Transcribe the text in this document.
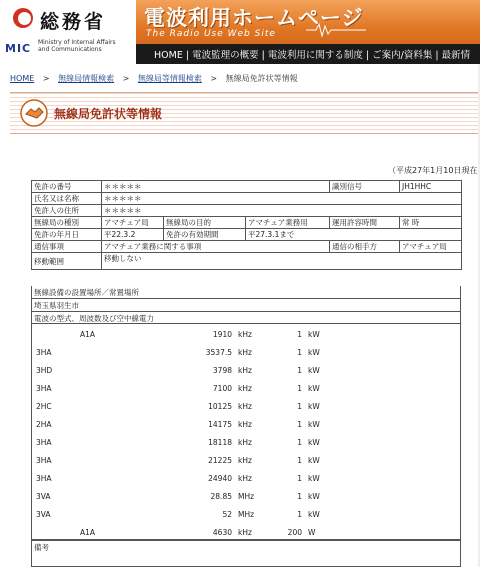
総務省
MIC Ministry of Internal Affairs
and Communications
電波利用ホームページ
The Radio Use Web Site
HOME | 電波監理の概要 | 電波利用に関する制度 | ご案内/資料集 | 最新情
HOME > 無線局情報検索 > 無線局等情報検索 > 無線局免許状等情報
無線局免許状等情報
（平成27年1月10日現在
免許の番号	＊＊＊＊＊			識別信号	JH1HHC
氏名又は名称	＊＊＊＊＊				
免許人の住所	＊＊＊＊＊				
無線局の種別	アマチュア局	無線局の目的	アマチュア業務用	運用許容時間	常 時
免許の年月日	平22.3.2	免許の有効期間	平27.3.1まで		
通信事項	アマチュア業務に関する事項			通信の相手方	アマチュア局
移動範囲	移動しない				
無線設備の設置場所／常置場所
埼玉県羽生市
電波の型式、周波数及び空中線電力
A1A	1910 kHz	1 kW
3HA	3537.5 kHz	1 kW
3HD	3798 kHz	1 kW
3HA	7100 kHz	1 kW
2HC	10125 kHz	1 kW
2HA	14175 kHz	1 kW
3HA	18118 kHz	1 kW
3HA	21225 kHz	1 kW
3HA	24940 kHz	1 kW
3VA	28.85 MHz	1 kW
3VA	52 MHz	1 kW
A1A	4630 kHz	200 W
備考
